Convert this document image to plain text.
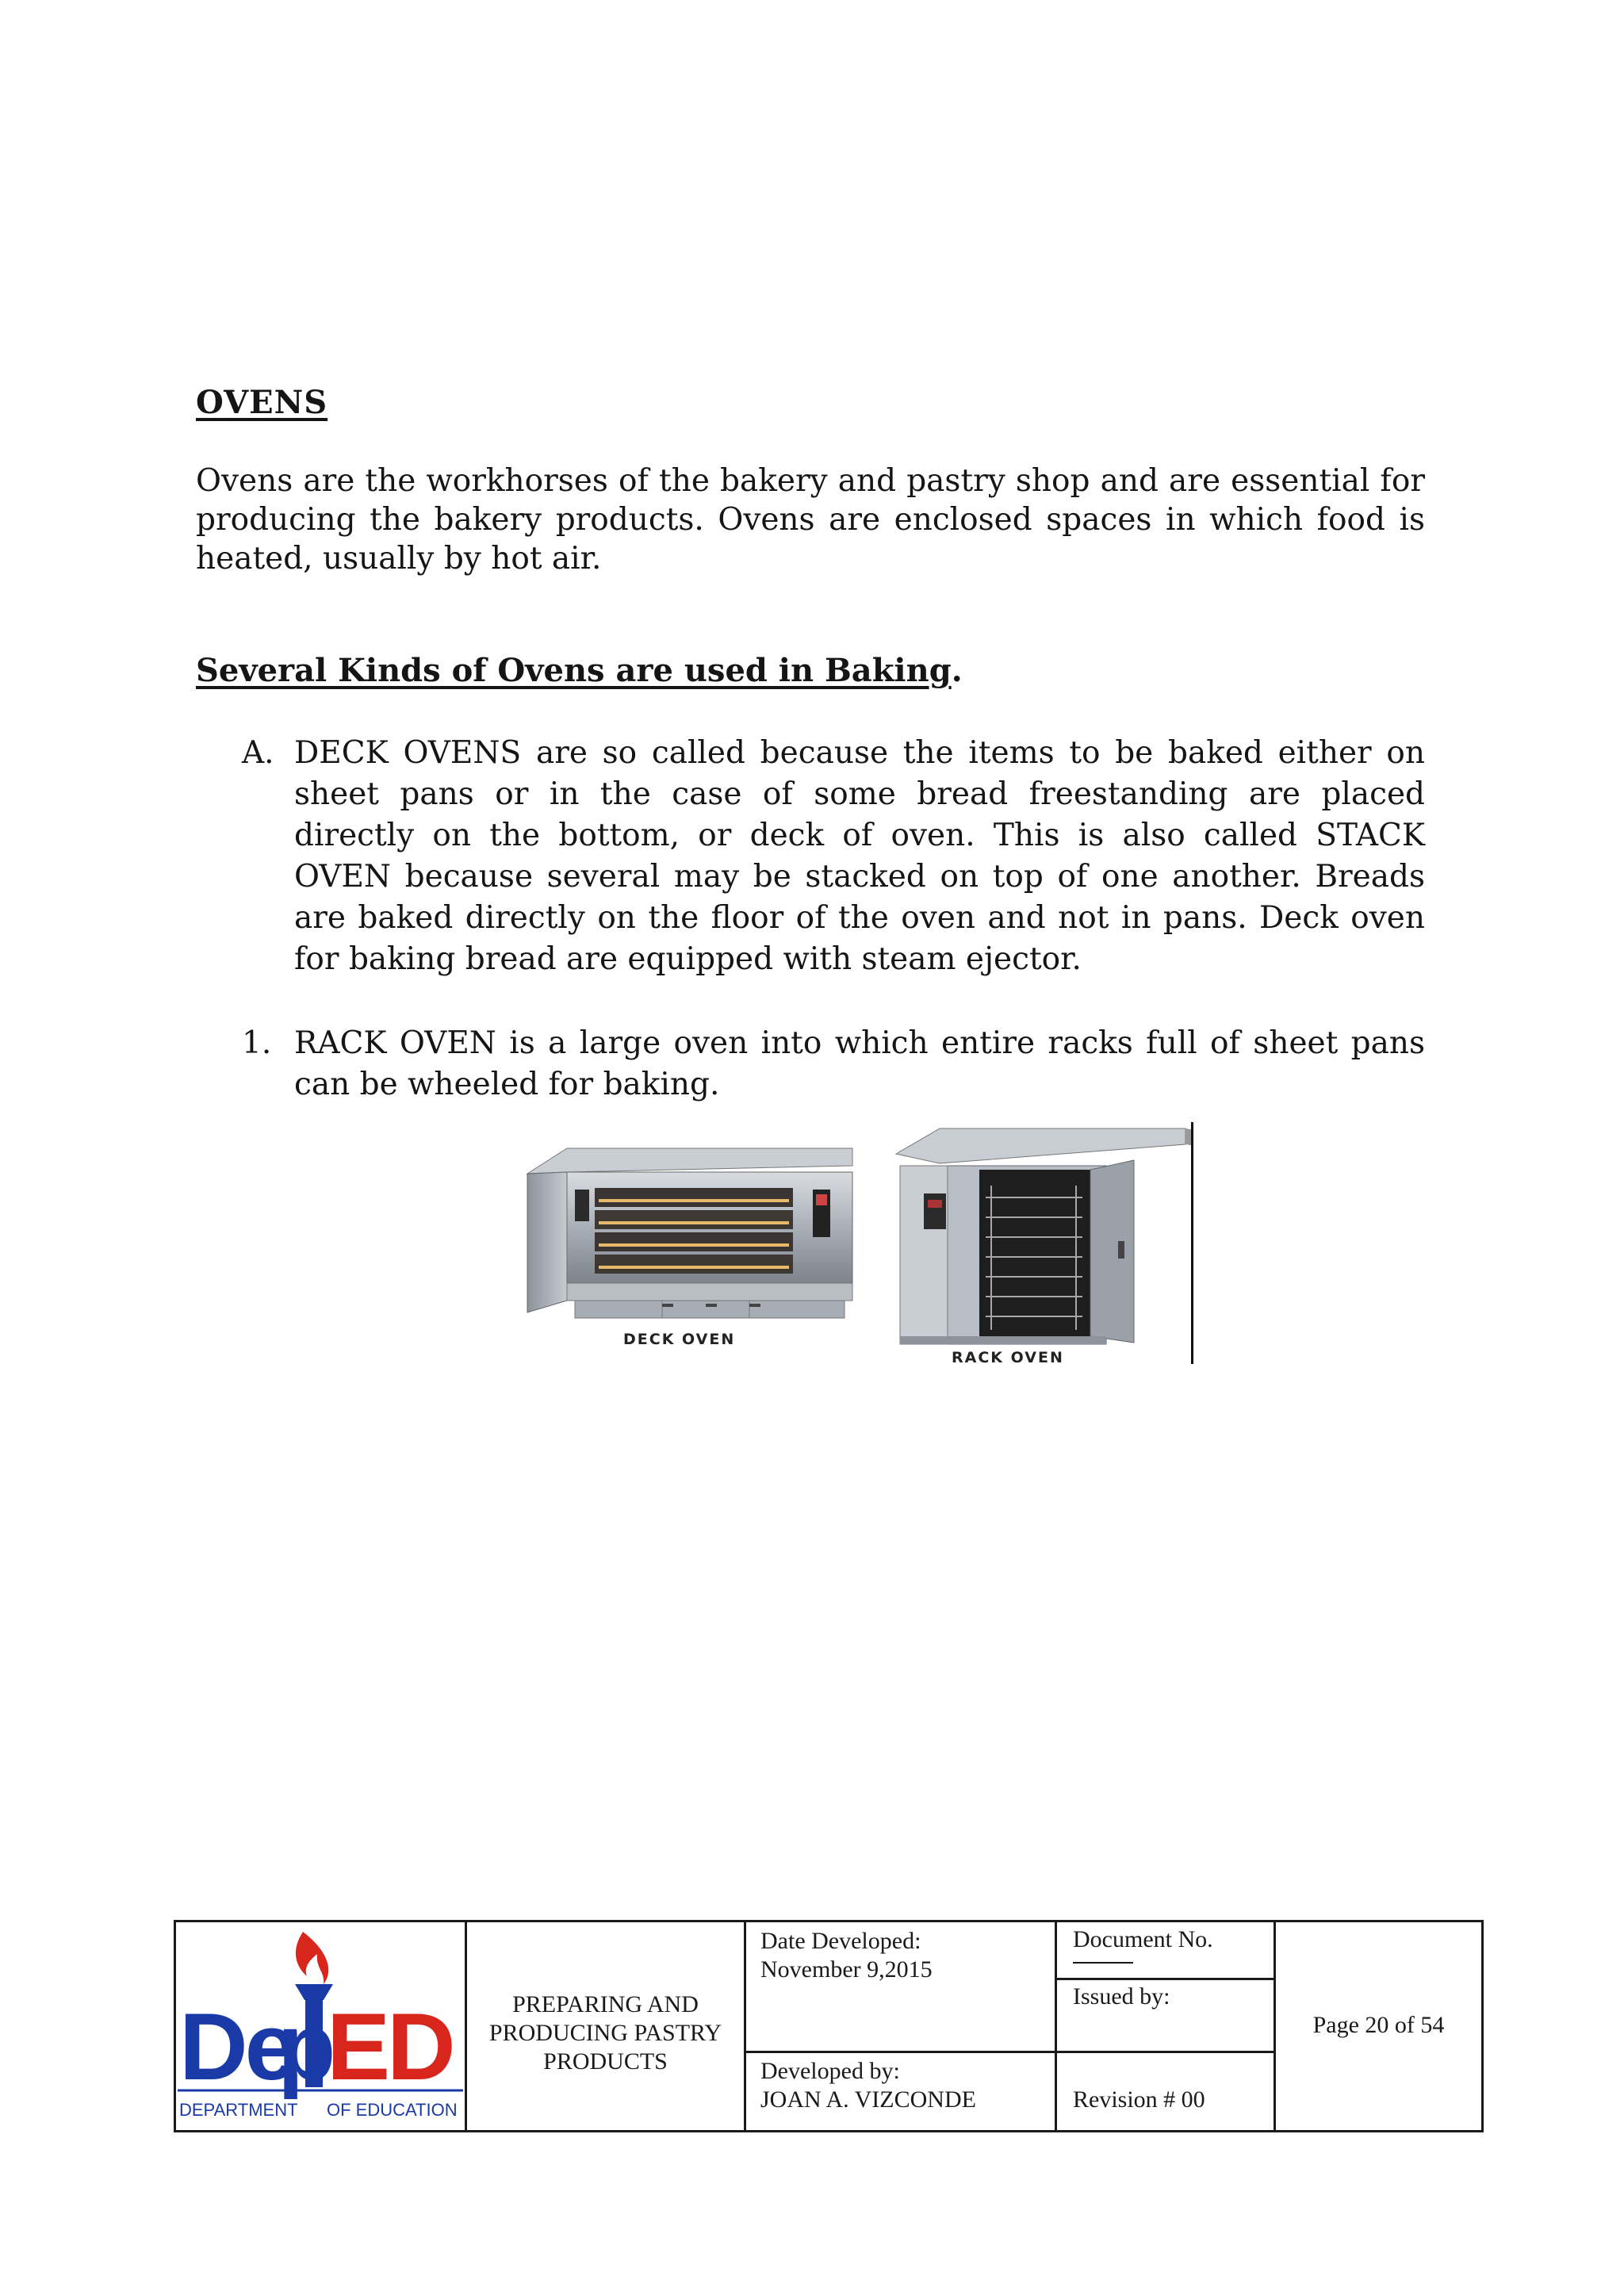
OVENS
Ovens are the workhorses of the bakery and pastry shop and are essential for producing the bakery products. Ovens are enclosed spaces in which food is heated, usually by hot air.
Several Kinds of Ovens are used in Baking.
A. DECK OVENS are so called because the items to be baked either on sheet pans or in the case of some bread freestanding are placed directly on the bottom, or deck of oven. This is also called STACK OVEN because several may be stacked on top of one another. Breads are baked directly on the floor of the oven and not in pans. Deck oven for baking bread are equipped with steam ejector.
1. RACK OVEN is a large oven into which entire racks full of sheet pans can be wheeled for baking.
DECK OVEN
RACK OVEN
De
p
ED
DEPARTMENT OF EDUCATION
PREPARING AND PRODUCING PASTRY PRODUCTS
Date Developed:
November 9,2015
Developed by:
JOAN A. VIZCONDE
Document No.
Issued by:
Revision # 00
Page 20 of 54
